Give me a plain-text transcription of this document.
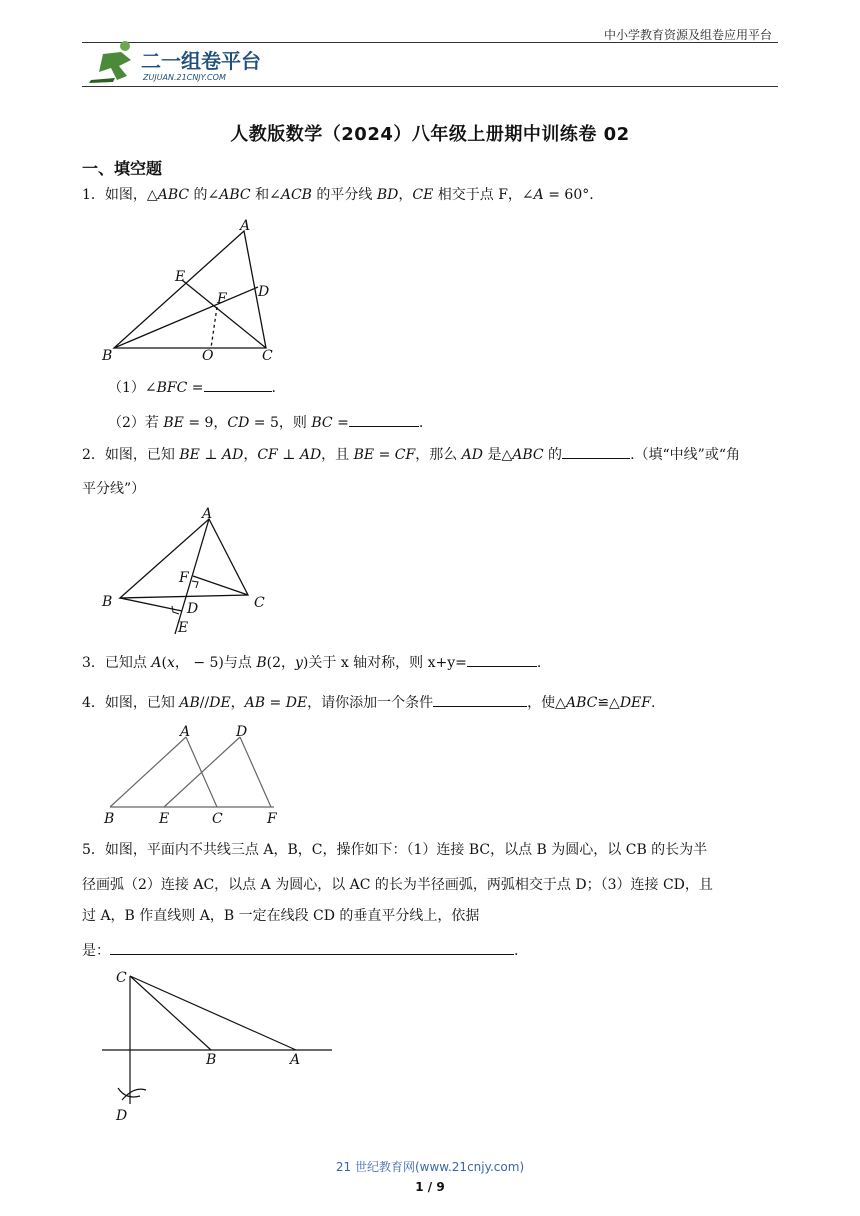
中小学教育资源及组卷应用平台
二一组卷平台
ZUJUAN.21CNJY.COM
人教版数学（2024）八年级上册期中训练卷 02
一、填空题
1．如图，△ABC 的∠ABC 和∠ACB 的平分线 BD，CE 相交于点 F，∠A = 60°.
A
B	C
D
E
F
O
（1）∠BFC =	.
（2）若 BE = 9，CD = 5，则 BC =	.
2．如图，已知 BE ⊥ AD，CF ⊥ AD，且 BE = CF，那么 AD 是△ABC 的	.（填“中线”或“角
平分线”）
A
B	C
D
E
F
3．已知点 A(x， − 5)与点 B(2，y)关于 x 轴对称，则 x+y=	.
4．如图，已知 AB//DE，AB = DE，请你添加一个条件	，使△ABC≌△DEF.
A
B	C
D
E	F
5．如图，平面内不共线三点 A，B，C，操作如下：（1）连接 BC，以点 B 为圆心，以 CB 的长为半
径画弧（2）连接 AC，以点 A 为圆心，以 AC 的长为半径画弧，两弧相交于点 D；（3）连接 CD，且
过 A，B 作直线则 A，B 一定在线段 CD 的垂直平分线上，依据
是：	.
C
B	A
D
21 世纪教育网(www.21cnjy.com)
1 / 9
